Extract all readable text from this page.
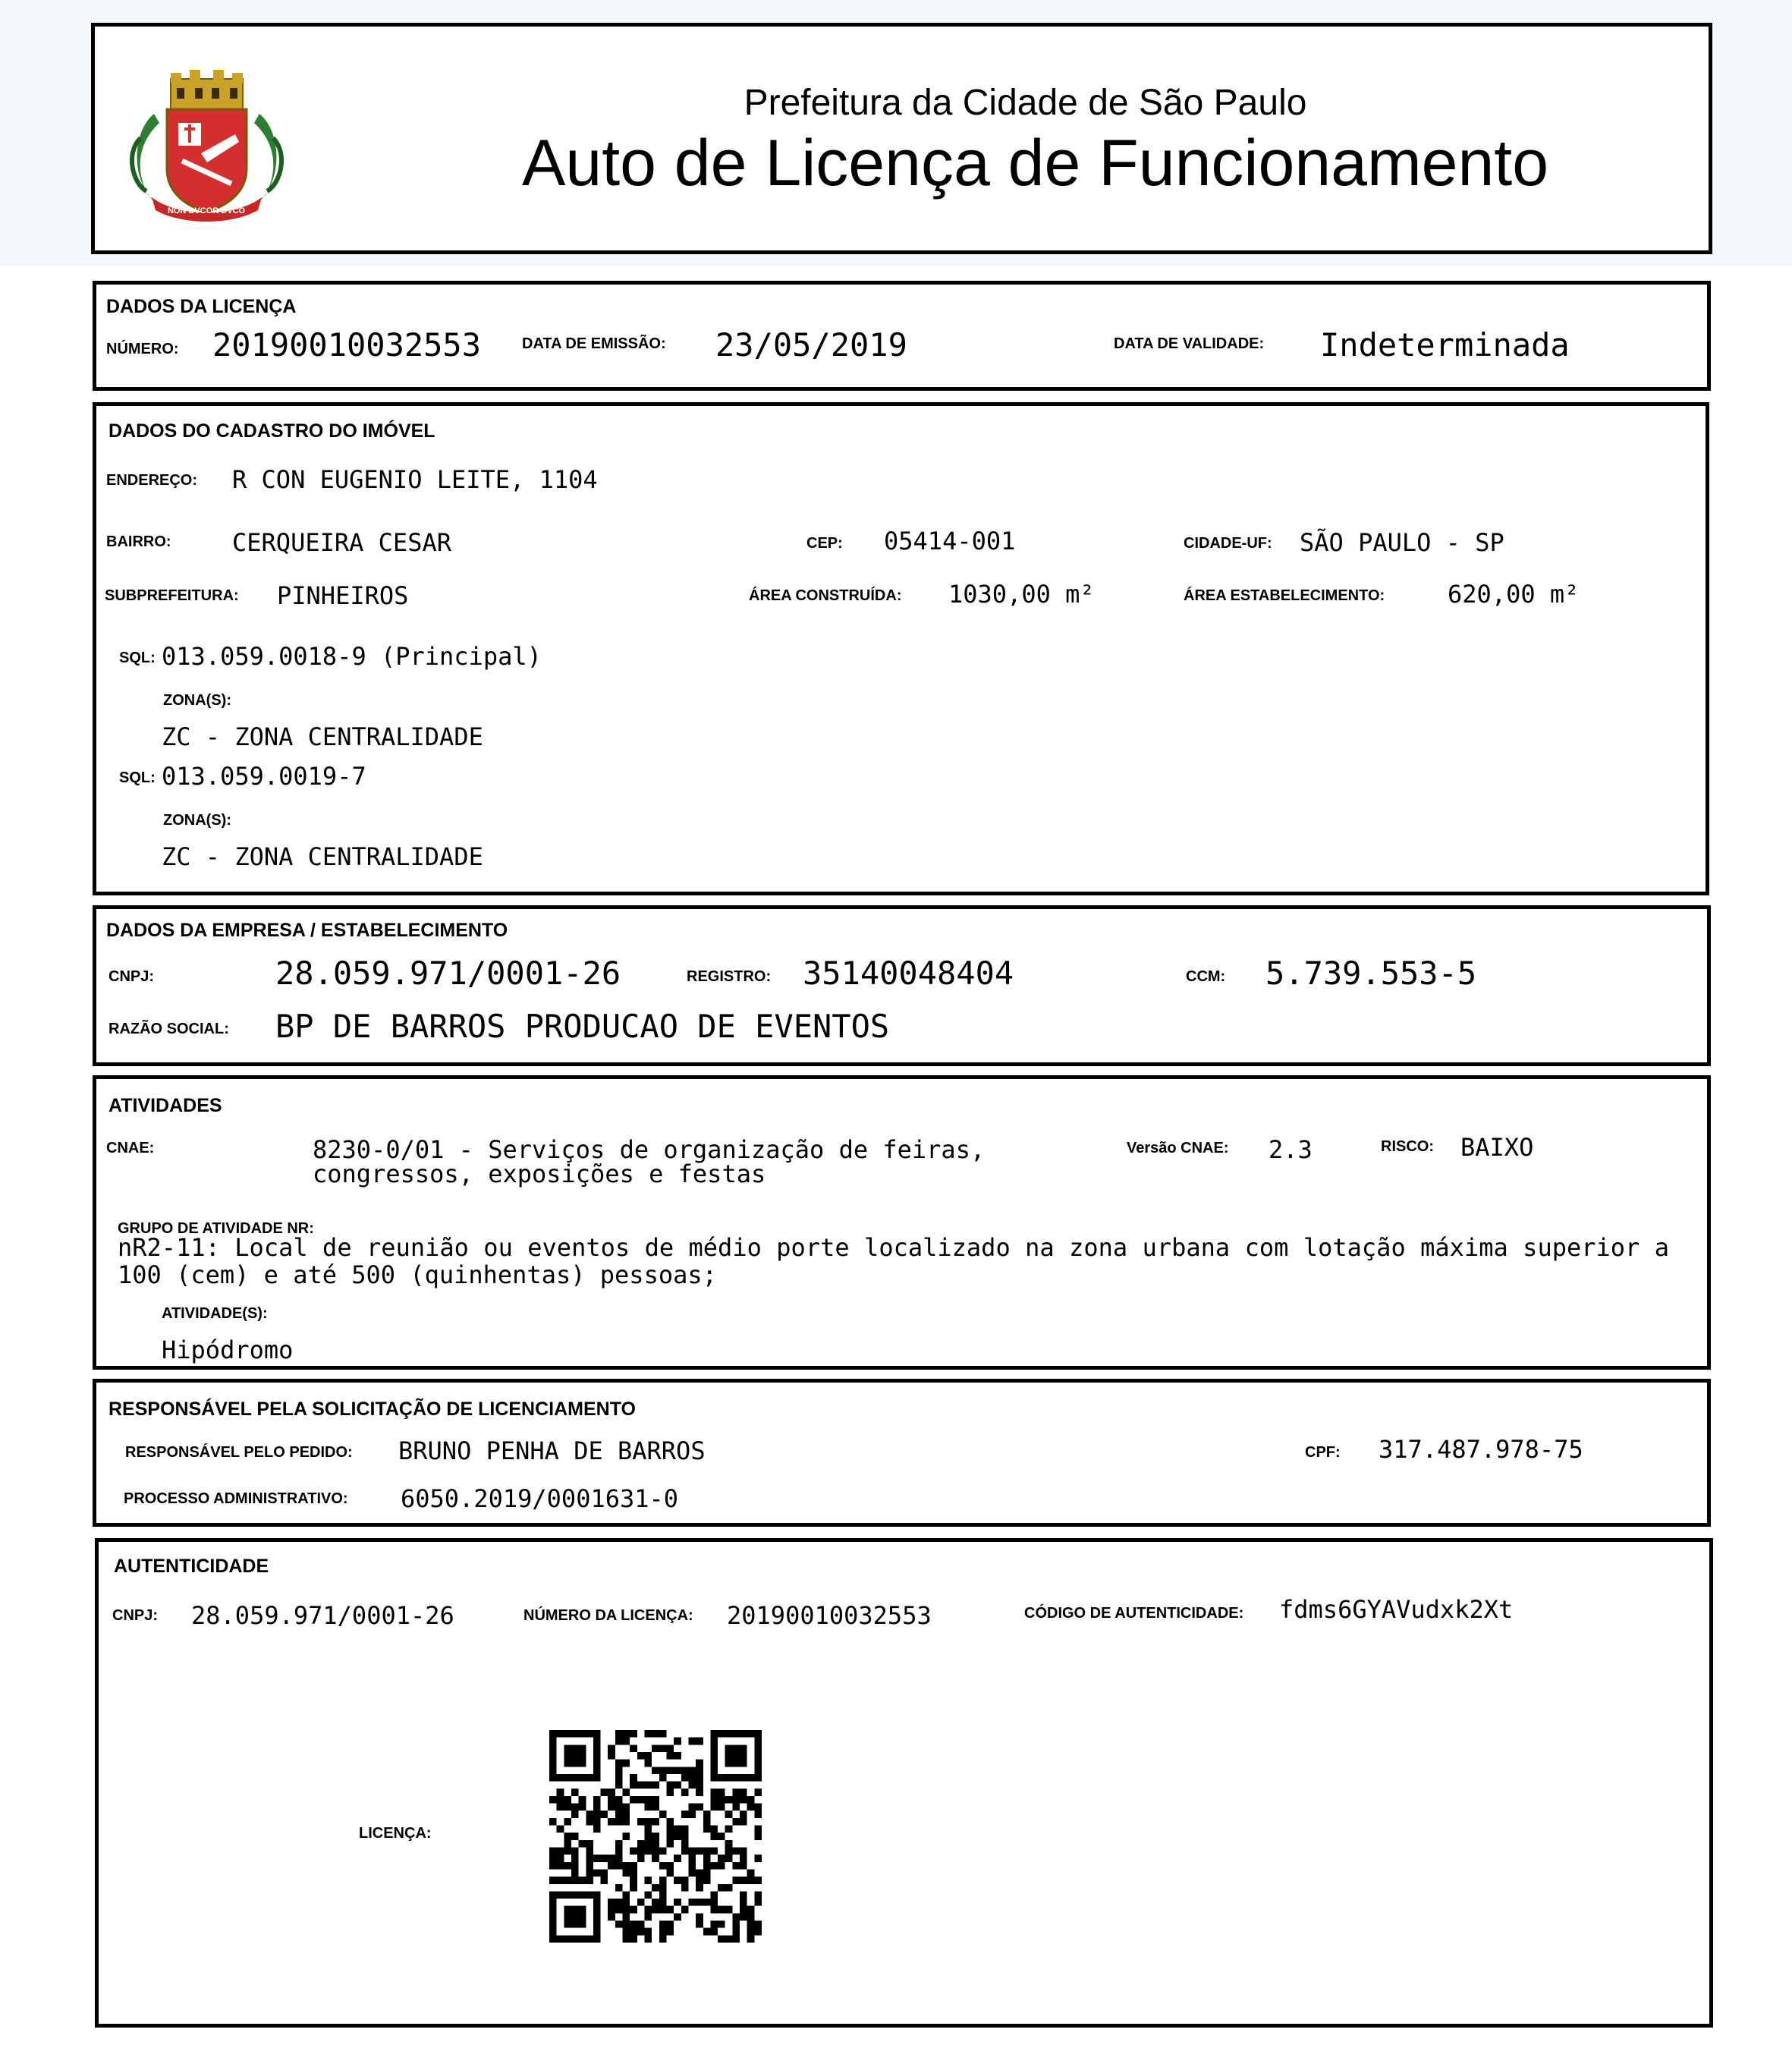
NON DVCOR DVCO
Prefeitura da Cidade de São Paulo
Auto de Licença de Funcionamento
DADOS DA LICENÇA
NÚMERO: 20190010032553	DATA DE EMISSÃO: 23/05/2019	DATA DE VALIDADE: Indeterminada
DADOS DO CADASTRO DO IMÓVEL
ENDEREÇO: R CON EUGENIO LEITE, 1104
BAIRRO:	CERQUEIRA CESAR	CEP: 05414-001	CIDADE-UF: SÃO PAULO - SP
SUBPREFEITURA: PINHEIROS	ÁREA CONSTRUÍDA: 1030,00 m²	ÁREA ESTABELECIMENTO:	620,00 m²
SQL: 013.059.0018-9 (Principal)
ZONA(S):
ZC - ZONA CENTRALIDADE
SQL: 013.059.0019-7
ZONA(S):
ZC - ZONA CENTRALIDADE
DADOS DA EMPRESA / ESTABELECIMENTO
CNPJ:	28.059.971/0001-26	REGISTRO: 35140048404	CCM: 5.739.553-5
RAZÃO SOCIAL: BP DE BARROS PRODUCAO DE EVENTOS
ATIVIDADES
CNAE:	8230-0/01 - Serviços de organização de feiras,
congressos, exposições e festas
Versão CNAE: 2.3	RISCO: BAIXO
GRUPO DE ATIVIDADE NR:
nR2-11: Local de reunião ou eventos de médio porte localizado na zona urbana com lotação máxima superior a 100 (cem) e até 500 (quinhentas) pessoas;
ATIVIDADE(S):
Hipódromo
RESPONSÁVEL PELA SOLICITAÇÃO DE LICENCIAMENTO
RESPONSÁVEL PELO PEDIDO: BRUNO PENHA DE BARROS	CPF: 317.487.978-75
PROCESSO ADMINISTRATIVO: 6050.2019/0001631-0
AUTENTICIDADE
CNPJ: 28.059.971/0001-26	NÚMERO DA LICENÇA: 20190010032553	CÓDIGO DE AUTENTICIDADE: fdms6GYAVudxk2Xt
LICENÇA:
